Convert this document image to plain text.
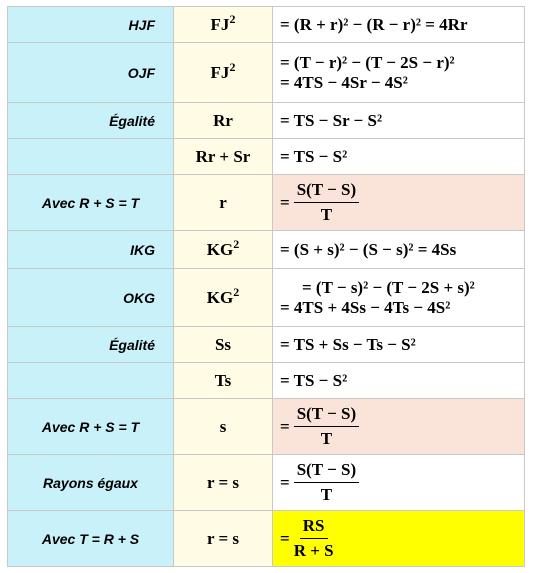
HJF	$FJ^2$	= (R + r)² − (R − r)² = 4Rr
OJF	$FJ^2$	= (T − r)² − (T − 2S − r)²
= 4TS − 4Sr − 4S²

Égalité	Rr	= TS − Sr − S²
	Rr + Sr	= TS − S²
Avec R + S = T	r	= $\frac{S(T - S)}{T}$

IKG	$KG^2$	= (S + s)² − (S − s)² = 4Ss
OKG	$KG^2$	= (T − s)² − (T − 2S + s)²
= 4TS + 4Ss − 4Ts − 4S²

Égalité	Ss	= TS + Ss − Ts − S²
	Ts	= TS − S²
Avec R + S = T	s	= $\frac{S(T - S)}{T}$

Rayons égaux	r = s	= $\frac{S(T - S)}{T}$

Avec T = R + S	r = s	= $\frac{RS}{R + S}$
